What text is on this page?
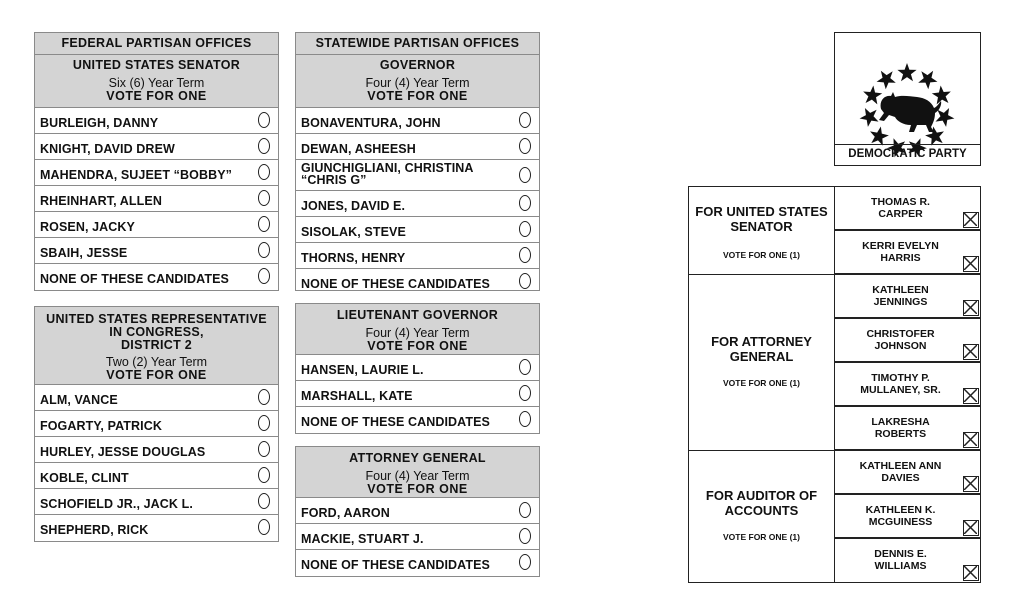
FEDERAL PARTISAN OFFICES
UNITED STATES SENATOR
Six (6) Year Term
VOTE FOR ONE
BURLEIGH, DANNY
KNIGHT, DAVID DREW
MAHENDRA, SUJEET “BOBBY”
RHEINHART, ALLEN
ROSEN, JACKY
SBAIH, JESSE
NONE OF THESE CANDIDATES
UNITED STATES REPRESENTATIVE
IN CONGRESS,
DISTRICT 2
Two (2) Year Term
VOTE FOR ONE
ALM, VANCE
FOGARTY, PATRICK
HURLEY, JESSE DOUGLAS
KOBLE, CLINT
SCHOFIELD JR., JACK L.
SHEPHERD, RICK
STATEWIDE PARTISAN OFFICES
GOVERNOR
Four (4) Year Term
VOTE FOR ONE
BONAVENTURA, JOHN
DEWAN, ASHEESH
GIUNCHIGLIANI, CHRISTINA
“CHRIS G”
JONES, DAVID E.
SISOLAK, STEVE
THORNS, HENRY
NONE OF THESE CANDIDATES
LIEUTENANT GOVERNOR
Four (4) Year Term
VOTE FOR ONE
HANSEN, LAURIE L.
MARSHALL, KATE
NONE OF THESE CANDIDATES
ATTORNEY GENERAL
Four (4) Year Term
VOTE FOR ONE
FORD, AARON
MACKIE, STUART J.
NONE OF THESE CANDIDATES
DEMOCRATIC PARTY
FOR UNITED STATES
SENATOR
VOTE FOR ONE (1)
THOMAS R.
CARPER
KERRI EVELYN
HARRIS
FOR ATTORNEY
GENERAL
VOTE FOR ONE (1)
KATHLEEN
JENNINGS
CHRISTOFER
JOHNSON
TIMOTHY P.
MULLANEY, SR.
LAKRESHA
ROBERTS
FOR AUDITOR OF
ACCOUNTS
VOTE FOR ONE (1)
KATHLEEN ANN
DAVIES
KATHLEEN K.
MCGUINESS
DENNIS E.
WILLIAMS
